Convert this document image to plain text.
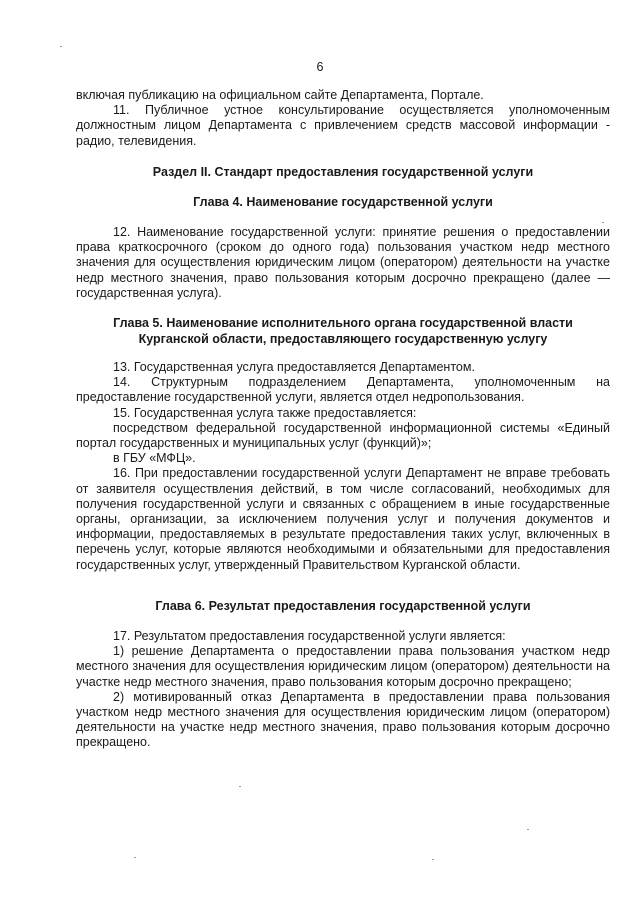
6

включая публикацию на официальном сайте Департамента, Портале.

11. Публичное устное консультирование осуществляется уполномоченным должностным лицом Департамента с привлечением средств массовой информации - радио, телевидения.

Раздел II. Стандарт предоставления государственной услуги

Глава 4. Наименование государственной услуги

12. Наименование государственной услуги: принятие решения о предоставлении права краткосрочного (сроком до одного года) пользования участком недр местного значения для осуществления юридическим лицом (оператором) деятельности на участке недр местного значения, право пользования которым досрочно прекращено (далее — государственная услуга).

Глава 5. Наименование исполнительного органа государственной власти
Курганской области, предоставляющего государственную услугу

13. Государственная услуга предоставляется Департаментом.

14. Структурным подразделением Департамента, уполномоченным на предоставление государственной услуги, является отдел недропользования.

15. Государственная услуга также предоставляется:

посредством федеральной государственной информационной системы «Единый портал государственных и муниципальных услуг (функций)»;

в ГБУ «МФЦ».

16. При предоставлении государственной услуги Департамент не вправе требовать от заявителя осуществления действий, в том числе согласований, необходимых для получения государственной услуги и связанных с обращением в иные государственные органы, организации, за исключением получения услуг и получения документов и информации, предоставляемых в результате предоставления таких услуг, включенных в перечень услуг, которые являются необходимыми и обязательными для предоставления государственных услуг, утвержденный Правительством Курганской области.

Глава 6. Результат предоставления государственной услуги

17. Результатом предоставления государственной услуги является:

1) решение Департамента о предоставлении права пользования участком недр местного значения для осуществления юридическим лицом (оператором) деятельности на участке недр местного значения, право пользования которым досрочно прекращено;

2) мотивированный отказ Департамента в предоставлении права пользования участком недр местного значения для осуществления юридическим лицом (оператором) деятельности на участке недр местного значения, право пользования которым досрочно прекращено.
